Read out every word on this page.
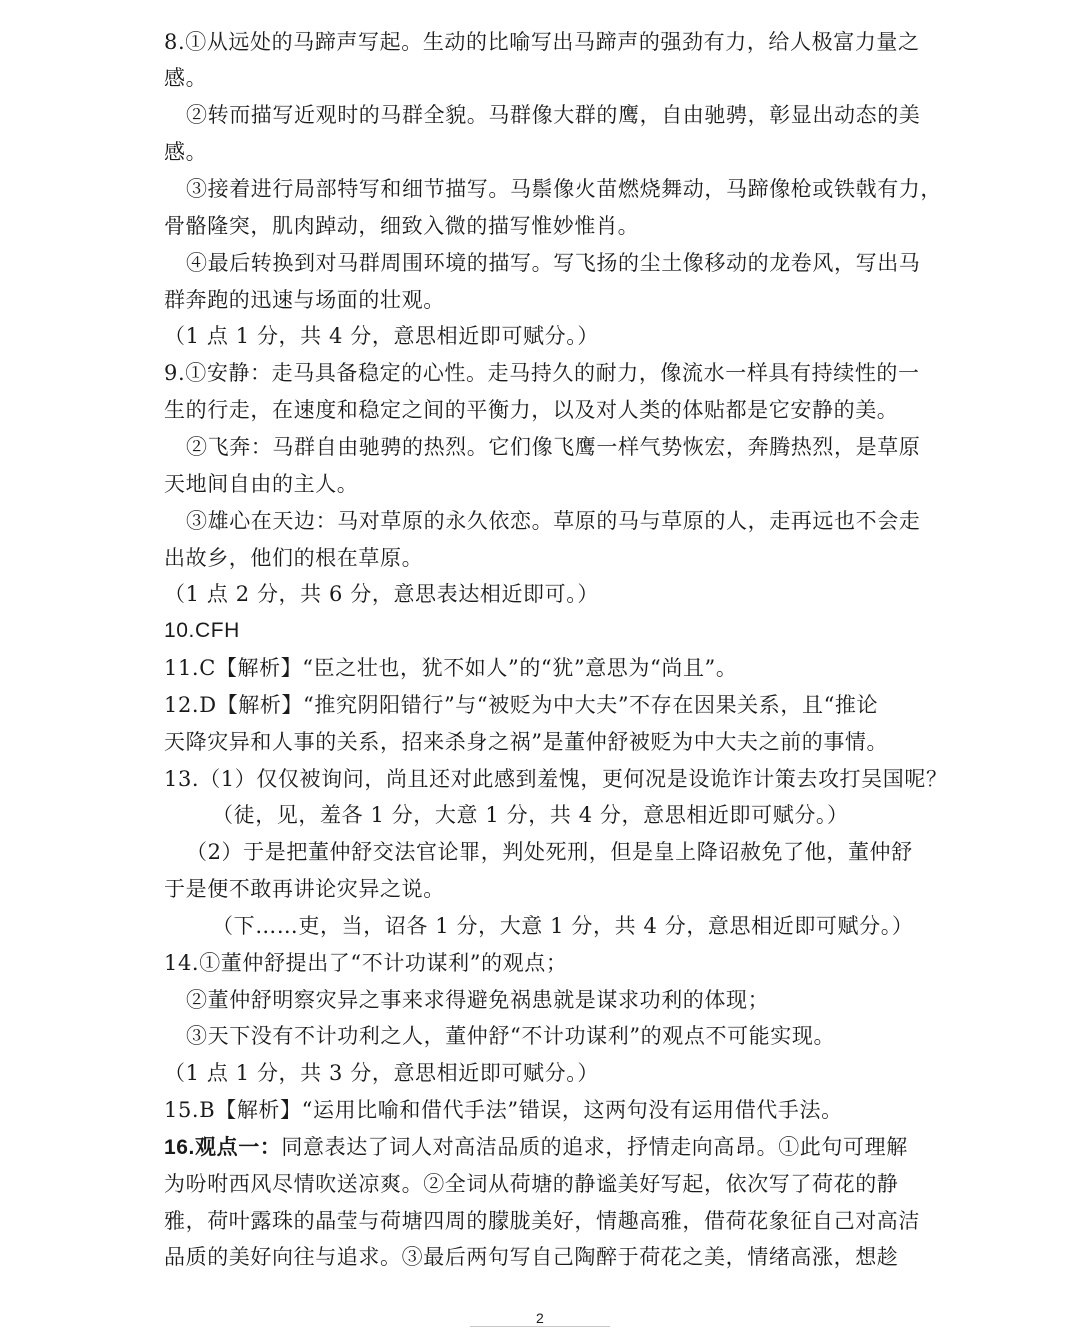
8.①从远处的马蹄声写起。生动的比喻写出马蹄声的强劲有力，给人极富力量之
感。
②转而描写近观时的马群全貌。马群像大群的鹰，自由驰骋，彰显出动态的美
感。
③接着进行局部特写和细节描写。马鬃像火苗燃烧舞动，马蹄像枪或铁戟有力，
骨骼隆突，肌肉踔动，细致入微的描写惟妙惟肖。
④最后转换到对马群周围环境的描写。写飞扬的尘土像移动的龙卷风，写出马
群奔跑的迅速与场面的壮观。
（1 点 1 分，共 4 分，意思相近即可赋分。）
9.①安静：走马具备稳定的心性。走马持久的耐力，像流水一样具有持续性的一
生的行走，在速度和稳定之间的平衡力，以及对人类的体贴都是它安静的美。
②飞奔：马群自由驰骋的热烈。它们像飞鹰一样气势恢宏，奔腾热烈，是草原
天地间自由的主人。
③雄心在天边：马对草原的永久依恋。草原的马与草原的人，走再远也不会走
出故乡，他们的根在草原。
（1 点 2 分，共 6 分，意思表达相近即可。）
10.CFH
11.C【解析】“臣之壮也，犹不如人”的“犹”意思为“尚且”。
12.D【解析】“推究阴阳错行”与“被贬为中大夫”不存在因果关系，且“推论
天降灾异和人事的关系，招来杀身之祸”是董仲舒被贬为中大夫之前的事情。
13.（1）仅仅被询问，尚且还对此感到羞愧，更何况是设诡诈计策去攻打吴国呢？
（徒，见，羞各 1 分，大意 1 分，共 4 分，意思相近即可赋分。）
（2）于是把董仲舒交法官论罪，判处死刑，但是皇上降诏赦免了他，董仲舒
于是便不敢再讲论灾异之说。
（下……吏，当，诏各 1 分，大意 1 分，共 4 分，意思相近即可赋分。）
14.①董仲舒提出了“不计功谋利”的观点；
②董仲舒明察灾异之事来求得避免祸患就是谋求功利的体现；
③天下没有不计功利之人，董仲舒“不计功谋利”的观点不可能实现。
（1 点 1 分，共 3 分，意思相近即可赋分。）
15.B【解析】“运用比喻和借代手法”错误，这两句没有运用借代手法。
16.观点一：同意表达了词人对高洁品质的追求，抒情走向高昂。①此句可理解
为吩咐西风尽情吹送凉爽。②全词从荷塘的静谧美好写起，依次写了荷花的静
雅，荷叶露珠的晶莹与荷塘四周的朦胧美好，情趣高雅，借荷花象征自己对高洁
品质的美好向往与追求。③最后两句写自己陶醉于荷花之美，情绪高涨，想趁
2
